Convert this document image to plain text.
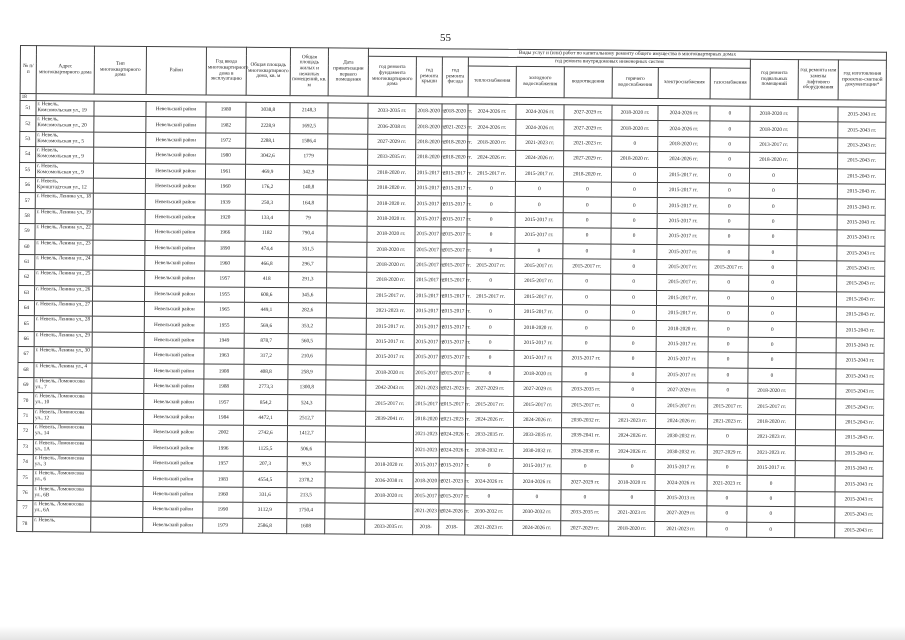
55
№ п/п	Адрес многоквартирного дома	Тип многоквартирного дома	Район	Год ввода многоквартирного дома в эксплуатацию	Общая площадь многоквартирного дома, кв. м	Общая площадь жилых и нежилых помещений, кв. м	Дата приватизации первого помещения	Виды услуг и (или) работ по капитальному ремонту общего имущества в многоквартирных домах											
								год ремонта фундамента многоквартирного дома	год ремонта крыши	год ремонта фасада	год ремонта внутридомовых инженерных систем						год ремонта подвальных помещений	год ремонта или замены лифтового оборудования	год изготовления проектно-сметной документации*
											теплоснабжения	холодного водоснабжения	водоотведения	горячего водоснабжения	электроснабжения	газоснабжения			
18																			
51	г. Невель, Комсомольская ул., 19		Невельский район	1980	3038,8	2148,3		2033-2035 гг.	2018-2020 гг.	2018-2020 гг.	2024-2026 гг.	2024-2026 гг.	2027-2029 гг.	2018-2020 гг.	2024-2026 гг.	0	2018-2020 гг.		2015-2043 гг.
52	г. Невель, Комсомольская ул., 20		Невельский район	1982	2228,9	1692,5		2036-2038 гг.	2018-2020 гг.	2021-2023 гг.	2024-2026 гг.	2024-2026 гг.	2027-2029 гг.	2018-2020 гг.	2024-2026 гг.	0	2018-2020 гг.		2015-2043 гг.
53	г. Невель, Комсомольская ул., 5		Невельский район	1972	2288,1	1586,4		2027-2029 гг.	2018-2020 гг.	2018-2020 гг.	2018-2020 гг.	2021-2023 гг.	2021-2023 гг.	0	2018-2020 гг.	0	2013-2017 гг.		2013-2043 гг.
54	г. Невель, Комсомольская ул., 9		Невельский район	1980	3042,6	1779		2033-2035 гг.	2018-2020 гг.	2018-2020 гг.	2024-2026 гг.	2024-2026 гг.	2027-2029 гг.	2018-2020 гг.	2024-2026 гг.	0	2018-2020 гг.		2015-2043 гг.
55	г. Невель, Комсомольская ул., 9		Невельский район	1961	469,9	342,9		2018-2020 гг.	2015-2017 гг.	2015-2017 гг.	2015-2017 гг.	2015-2017 гг.	2018-2020 гг.	0	2015-2017 гг.	0	0		2015-2043 гг.
56	г. Невель, Кронштадтская ул., 12		Невельский район	1960	176,2	140,8		2018-2020 гг.	2015-2017 гг.	2015-2017 гг.	0	0	0	0	2015-2017 гг.	0	0		2015-2043 гг.
57	г. Невель, Ленина ул., 18		Невельский район	1939	250,3	164,8		2018-2020 гг.	2015-2017 гг.	2015-2017 гг.	0	0	0	0	2015-2017 гг.	0	0		2015-2043 гг.
58	г. Невель, Ленина ул., 19		Невельский район	1920	133,4	79		2018-2020 гг.	2015-2017 гг.	2015-2017 гг.	0	2015-2017 гг.	0	0	2015-2017 гг.	0	0		2015-2043 гг.
59	г. Невель, Ленина ул., 22		Невельский район	1966	1182	790,4		2018-2020 гг.	2015-2017 гг.	2015-2017 гг.	0	2015-2017 гг.	0	0	2015-2017 гг.	0	0		2015-2043 гг.
60	г. Невель, Ленина ул., 23		Невельский район	1890	474,4	351,5		2018-2020 гг.	2015-2017 гг.	2015-2017 гг.	0	0	0	0	2015-2017 гг.	0	0		2015-2043 гг.
61	г. Невель, Ленина ул., 24		Невельский район	1960	466,8	296,7		2018-2020 гг.	2015-2017 гг.	2015-2017 гг.	2015-2017 гг.	2015-2017 гг.	2015-2017 гг.	0	2015-2017 гг.	2015-2017 гг.	0		2015-2043 гг.
62	г. Невель, Ленина ул., 25		Невельский район	1957	418	291,3		2018-2020 гг.	2015-2017 гг.	2015-2017 гг.	0	2015-2017 гг.	0	0	2015-2017 гг.	0	0		2015-2043 гг.
63	г. Невель, Ленина ул., 26		Невельский район	1955	608,6	345,6		2015-2017 гг.	2015-2017 гг.	2015-2017 гг.	2015-2017 гг.	2015-2017 гг.	0	0	2015-2017 гг.	0	0		2015-2043 гг.
64	г. Невель, Ленина ул., 27		Невельский район	1965	449,1	282,6		2021-2023 гг.	2015-2017 гг.	2015-2017 гг.	0	2015-2017 гг.	0	0	2015-2017 гг.	0	0		2015-2043 гг.
65	г. Невель, Ленина ул., 28		Невельский район	1955	569,6	353,2		2015-2017 гг.	2015-2017 гг.	2015-2017 гг.	0	2018-2020 гг.	0	0	2018-2020 гг.	0	0		2015-2043 гг.
66	г. Невель, Ленина ул., 29		Невельский район	1949	878,7	560,5		2015-2017 гг.	2015-2017 гг.	2015-2017 гг.	0	2015-2017 гг.	0	0	2015-2017 гг.	0	0		2015-2043 гг.
67	г. Невель, Ленина ул., 30		Невельский район	1963	317,2	210,6		2015-2017 гг.	2015-2017 гг.	2015-2017 гг.	0	2015-2017 гг.	2015-2017 гг.	0	2015-2017 гг.	0	0		2015-2043 гг.
68	г. Невель, Ленина ул., 4		Невельский район	1908	408,8	258,9		2018-2020 гг.	2015-2017 гг.	2015-2017 гг.	0	2018-2020 гг.	0	0	2015-2017 гг.	0	0		2015-2043 гг.
69	г. Невель, Ломоносова ул., 7		Невельский район	1988	2773,3	1300,8		2042-2043 гг.	2021-2023 гг.	2021-2023 гг.	2027-2029 гг.	2027-2029 гг.	2033-2035 гг.	0	2027-2029 гг.	0	2018-2020 гг.		2015-2043 гг.
70	г. Невель, Ломоносова ул., 10		Невельский район	1957	854,2	524,3		2015-2017 гг.	2015-2017 гг.	2015-2017 гг.	2015-2017 гг.	2015-2017 гг.	2015-2017 гг.	0	2015-2017 гг.	2015-2017 гг.	2015-2017 гг.		2015-2043 гг.
71	г. Невель, Ломоносова ул., 12		Невельский район	1984	4472,1	2512,7		2039-2041 гг.	2018-2020 гг.	2021-2023 гг.	2024-2026 гг.	2024-2026 гг.	2030-2032 гг.	2021-2023 гг.	2024-2026 гг.	2021-2023 гг.	2018-2020 гг.		2015-2043 гг.
72	г. Невель, Ломоносова ул., 14		Невельский район	2002	2742,6	1412,7			2021-2023 гг.	2024-2026 гг.	2033-2035 гг.	2033-2035 гг.	2039-2041 гг.	2024-2026 гг.	2030-2032 гг.	0	2021-2023 гг.		2015-2043 гг.
73	г. Невель, Ломоносова ул., 1А		Невельский район	1996	1125,5	506,6			2021-2023 гг.	2024-2026 гг.	2030-2032 гг.	2030-2032 гг.	2036-2038 гг.	2024-2026 гг.	2030-2032 гг.	2027-2029 гг.	2021-2023 гг.		2015-2043 гг.
74	г. Невель, Ломоносова ул., 3		Невельский район	1957	207,3	99,3		2018-2020 гг.	2015-2017 гг.	2015-2017 гг.	0	2015-2017 гг.	0	0	2015-2017 гг.	0	2015-2017 гг.		2015-2043 гг.
75	г. Невель, Ломоносова ул., 6		Невельский район	1983	4554,5	2378,2		2036-2038 гг.	2018-2020 гг.	2021-2023 гг.	2024-2026 гг.	2024-2026 гг.	2027-2029 гг.	2018-2020 гг.	2024-2026 гг.	2021-2023 гг.	0		2015-2043 гг.
76	г. Невель, Ломоносова ул., 6В		Невельский район	1960	331,6	213,5		2018-2020 гг.	2015-2017 гг.	2015-2017 гг.	0	0	0	0	2015-2013 гг.	0	0		2015-2043 гг.
77	г. Невель, Ломоносова ул., 6А		Невельский район	1990	3112,9	1750,4			2021-2023 гг.	2024-2026 гг.	2030-2032 гг.	2030-2032 гг.	2033-2035 гг.	2021-2023 гг.	2027-2029 гг.	0	0		2015-2043 гг.
78	г. Невель,		Невельский район	1979	2586,8	1608		2033-2035 гг.	2018-	2018-	2021-2023 гг.	2024-2026 гг.	2027-2029 гг.	2018-2020 гг.	2021-2023 гг.	0	0		2015-2043 гг.
